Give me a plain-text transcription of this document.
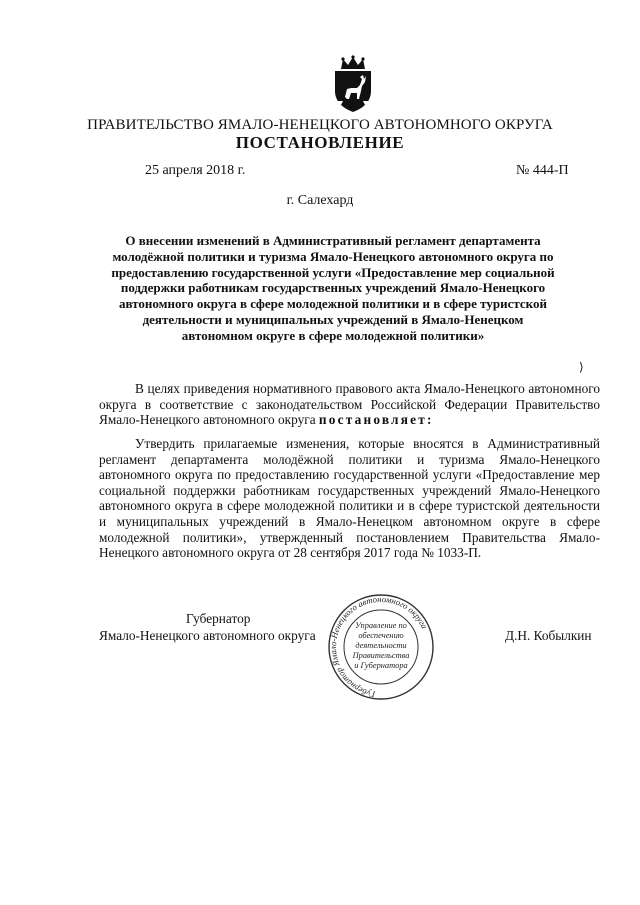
ПРАВИТЕЛЬСТВО ЯМАЛО-НЕНЕЦКОГО АВТОНОМНОГО ОКРУГА
ПОСТАНОВЛЕНИЕ
25 апреля 2018 г.	№ 444-П
г. Салехард
О внесении изменений в Административный регламент департамента молодёжной политики и туризма Ямало-Ненецкого автономного округа по предоставлению государственной услуги «Предоставление мер социальной поддержки работникам государственных учреждений Ямало-Ненецкого автономного округа в сфере молодежной политики и в сфере туристской деятельности и муниципальных учреждений в Ямало-Ненецком автономном округе в сфере молодежной политики»
⟩
В целях приведения нормативного правового акта Ямало-Ненецкого автономного округа в соответствие с законодательством Российской Федерации Правительство Ямало-Ненецкого автономного округа постановляет:
Утвердить прилагаемые изменения, которые вносятся в Административный регламент департамента молодёжной политики и туризма Ямало-Ненецкого автономного округа по предоставлению государственной услуги «Предоставление мер социальной поддержки работникам государственных учреждений Ямало-Ненецкого автономного округа в сфере молодежной политики и в сфере туристской деятельности и муниципальных учреждений в Ямало-Ненецком автономном округе в сфере молодежной политики», утвержденный постановлением Правительства Ямало-Ненецкого автономного округа от 28 сентября 2017 года № 1033-П.
Губернатор
Ямало-Ненецкого автономного округа	Д.Н. Кобылкин
Губернатор Ямало-Ненецкого автономного округа
Управление по
обеспечению
деятельности
Правительства
и Губернатора
